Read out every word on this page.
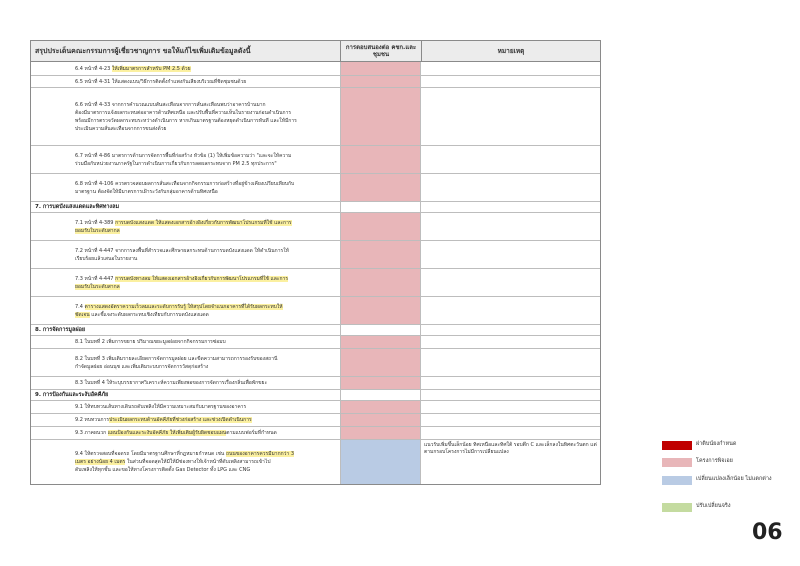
สรุปประเด็นคณะกรรมการผู้เชี่ยวชาญการ ขอให้แก้ไขเพิ่มเติมข้อมูลดังนี้	การตอบสนองต่อ คชก.และชุมชน	หมายเหตุ
6.4 หน้าที่ 4-23 ให้เพิ่มมาตรการสำหรับ PM 2.5 ด้วย
6.5 หน้าที่ 4-31 ให้แสดงแบบ/วิธีการติดตั้งกำแพงกันเสียงบริเวณที่ชิดชุมชนด้วย
6.6 หน้าที่ 4-33 จากการคำนวณแบบสันสะเทือนจากการสั่นสะเทือนพบว่าอาคารบ้านมาก
ต้องมีมาตรการแจ้งผลกระทบต่ออาคารด้านทิศเหนือ และปรับพื้นที่ความเห็นในรายงานก่อนดำเนินการ
พร้อมมีการตรวจวัดผลกระทบระหว่างดำเนินการ หากเกินมาตรฐานต้องหยุดดำเนินการทันที และให้มีการ
ประเมินความสั่นสะเทือนจากการขนส่งด้วย
6.7 หน้าที่ 4-86 มาตรการด้านการจัดการพื้นที่ก่อสร้าง หัวข้อ (1) ให้เพิ่มข้อความว่า "และจะให้ความ
ร่วมมือกับหน่วยงานภาครัฐในการดำเนินการเกี่ยวกับการลดผลกระทบจาก PM 2.5 ทุกประการ"
6.8 หน้าที่ 4-106 ควรตรวจสอบผลการสั่นสะเทือนจากกิจกรรมการก่อสร้างที่อยู่ข้างเคียงเปรียบเทียบกับ
มาตรฐาน ต้องจัดให้มีมาตรการเฝ้าระวังกับกลุ่มอาคารด้านทิศเหนือ
7. การบดบังแสงแดดและทิศทางลม
7.1 หน้าที่ 4-389 การบดบังแสงแดด ให้แสดงเอกสารอ้างอิงเกี่ยวกับการพัฒนาโปรแกรมที่ใช้ และการ
ยอมรับในระดับสากล
7.2 หน้าที่ 4-447 จากการลงพื้นที่สำรวจและศึกษาผลกระทบด้านการบดบังแสงแดด ให้ดำเนินการให้
เรียบร้อยแล้วเสนอในรายงาน
7.3 หน้าที่ 4-447 การบดบังทางลม ให้แสดงเอกสารอ้างอิงเกี่ยวกับการพัฒนาโปรแกรมที่ใช้ และการ
ยอมรับในระดับสากล
7.4 ตารางแสดงอัตราความเร็วลมและระดับการรับรู้ ให้สรุปโดยจำแนกอาคารที่ได้รับผลกระทบให้
ชัดเจน และชี้แจงระดับผลกระทบเชิงเทียบกับการบดบังแสงแดด
8. การจัดการมูลฝอย
8.1 ในบทที่ 2 เพิ่มการขยาย ปริมาณขยะมูลฝอยจากกิจกรรมการซ่อมบ
8.2 ในบทที่ 3 เพิ่มเติมรายละเอียดการจัดการมูลฝอย และขีดความสามารถการรองรับของสถานี
กำจัดมูลฝอย อ่อนนุช และเพิ่มเติมระบบการจัดการวัสดุก่อสร้าง
8.3 ในบทที่ 4 ให้ระบุบรรยากาศวิเคราะห์ความเพียงพอของการจัดการเรื่องกลิ่นเพื่อพักขยะ
9. การป้องกันและระงับอัคคีภัย
9.1 ให้ทบทวนเส้นทางเดินรถดับเพลิงให้มีความเหมาะสมกับมาตรฐานของอาคาร
9.2 ทบทวนการประเมินผลกระทบด้านอัคคีภัยที่ช่วงก่อสร้าง และช่วงเปิดดำเนินการ
9.3 ภาคผนวก แผนป้องกันและระงับอัคคีภัย ให้เพิ่มเติมผู้รับผิดชอบแผนตามแบบฟอร์มที่กำหนด
9.4 ให้ตรวจสอบที่จอดรถ โดยมีมาตรฐานศึกษาที่กฎหมายกำหนด เช่น ถนนของอาคารควรมีมากกว่า 3
เมตร อย่างน้อย 4 เมตร ในส่วนที่จอดสุดให้มีให้มีช่องทางให้เจ้าหน้าที่ดับเพลิงสามารถเข้าไป
ดับเพลิงให้ทุกชั้น และขอให้ทางโครงการติดตั้ง Gas Detector ทั้ง LPG และ CNG
แนวรับเพิ่มขึ้นเล็กน้อย ทิศเหนือและทิศใต้ รอบตึก C และเล็กลงในทิศตะวันตก แต่ตามกรอบโครงการไม่มีการเปลี่ยนแปลง
ฝาติบน์ยงกำหนด
โครงการพิจเอย
เปลี่ยนแปลงเล็กน้อย ไม่แตกต่าง
ปรับเปลี่ยนจริง
06
